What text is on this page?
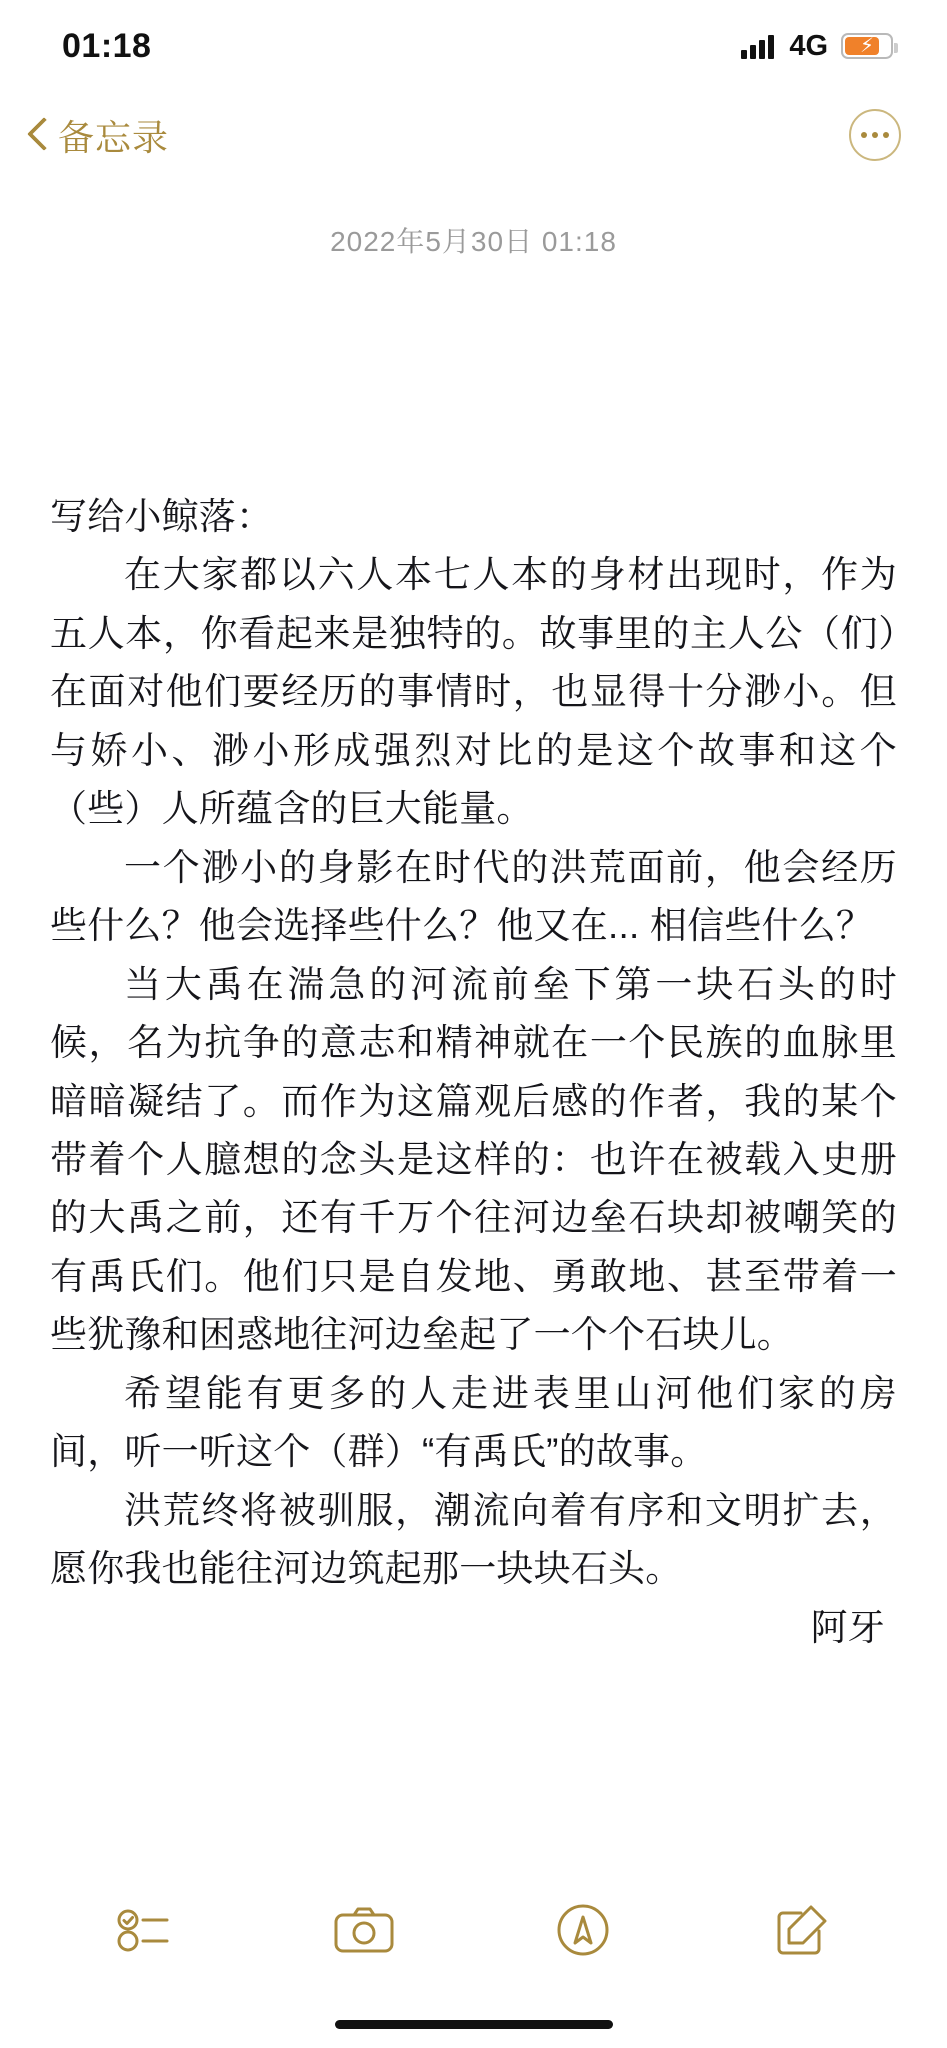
01:18	4G ⚡
备忘录
2022年5月30日 01:18

写给小鲸落：

在大家都以六人本七人本的身材出现时，作为五人本，你看起来是独特的。故事里的主人公（们）在面对他们要经历的事情时，也显得十分渺小。但与娇小、渺小形成强烈对比的是这个故事和这个（些）人所蕴含的巨大能量。

一个渺小的身影在时代的洪荒面前，他会经历些什么？他会选择些什么？他又在... 相信些什么？

当大禹在湍急的河流前垒下第一块石头的时候，名为抗争的意志和精神就在一个民族的血脉里暗暗凝结了。而作为这篇观后感的作者，我的某个带着个人臆想的念头是这样的：也许在被载入史册的大禹之前，还有千万个往河边垒石块却被嘲笑的有禹氏们。他们只是自发地、勇敢地、甚至带着一些犹豫和困惑地往河边垒起了一个个石块儿。

希望能有更多的人走进表里山河他们家的房间，听一听这个（群）“有禹氏”的故事。

洪荒终将被驯服，潮流向着有序和文明扩去，愿你我也能往河边筑起那一块块石头。

阿牙
